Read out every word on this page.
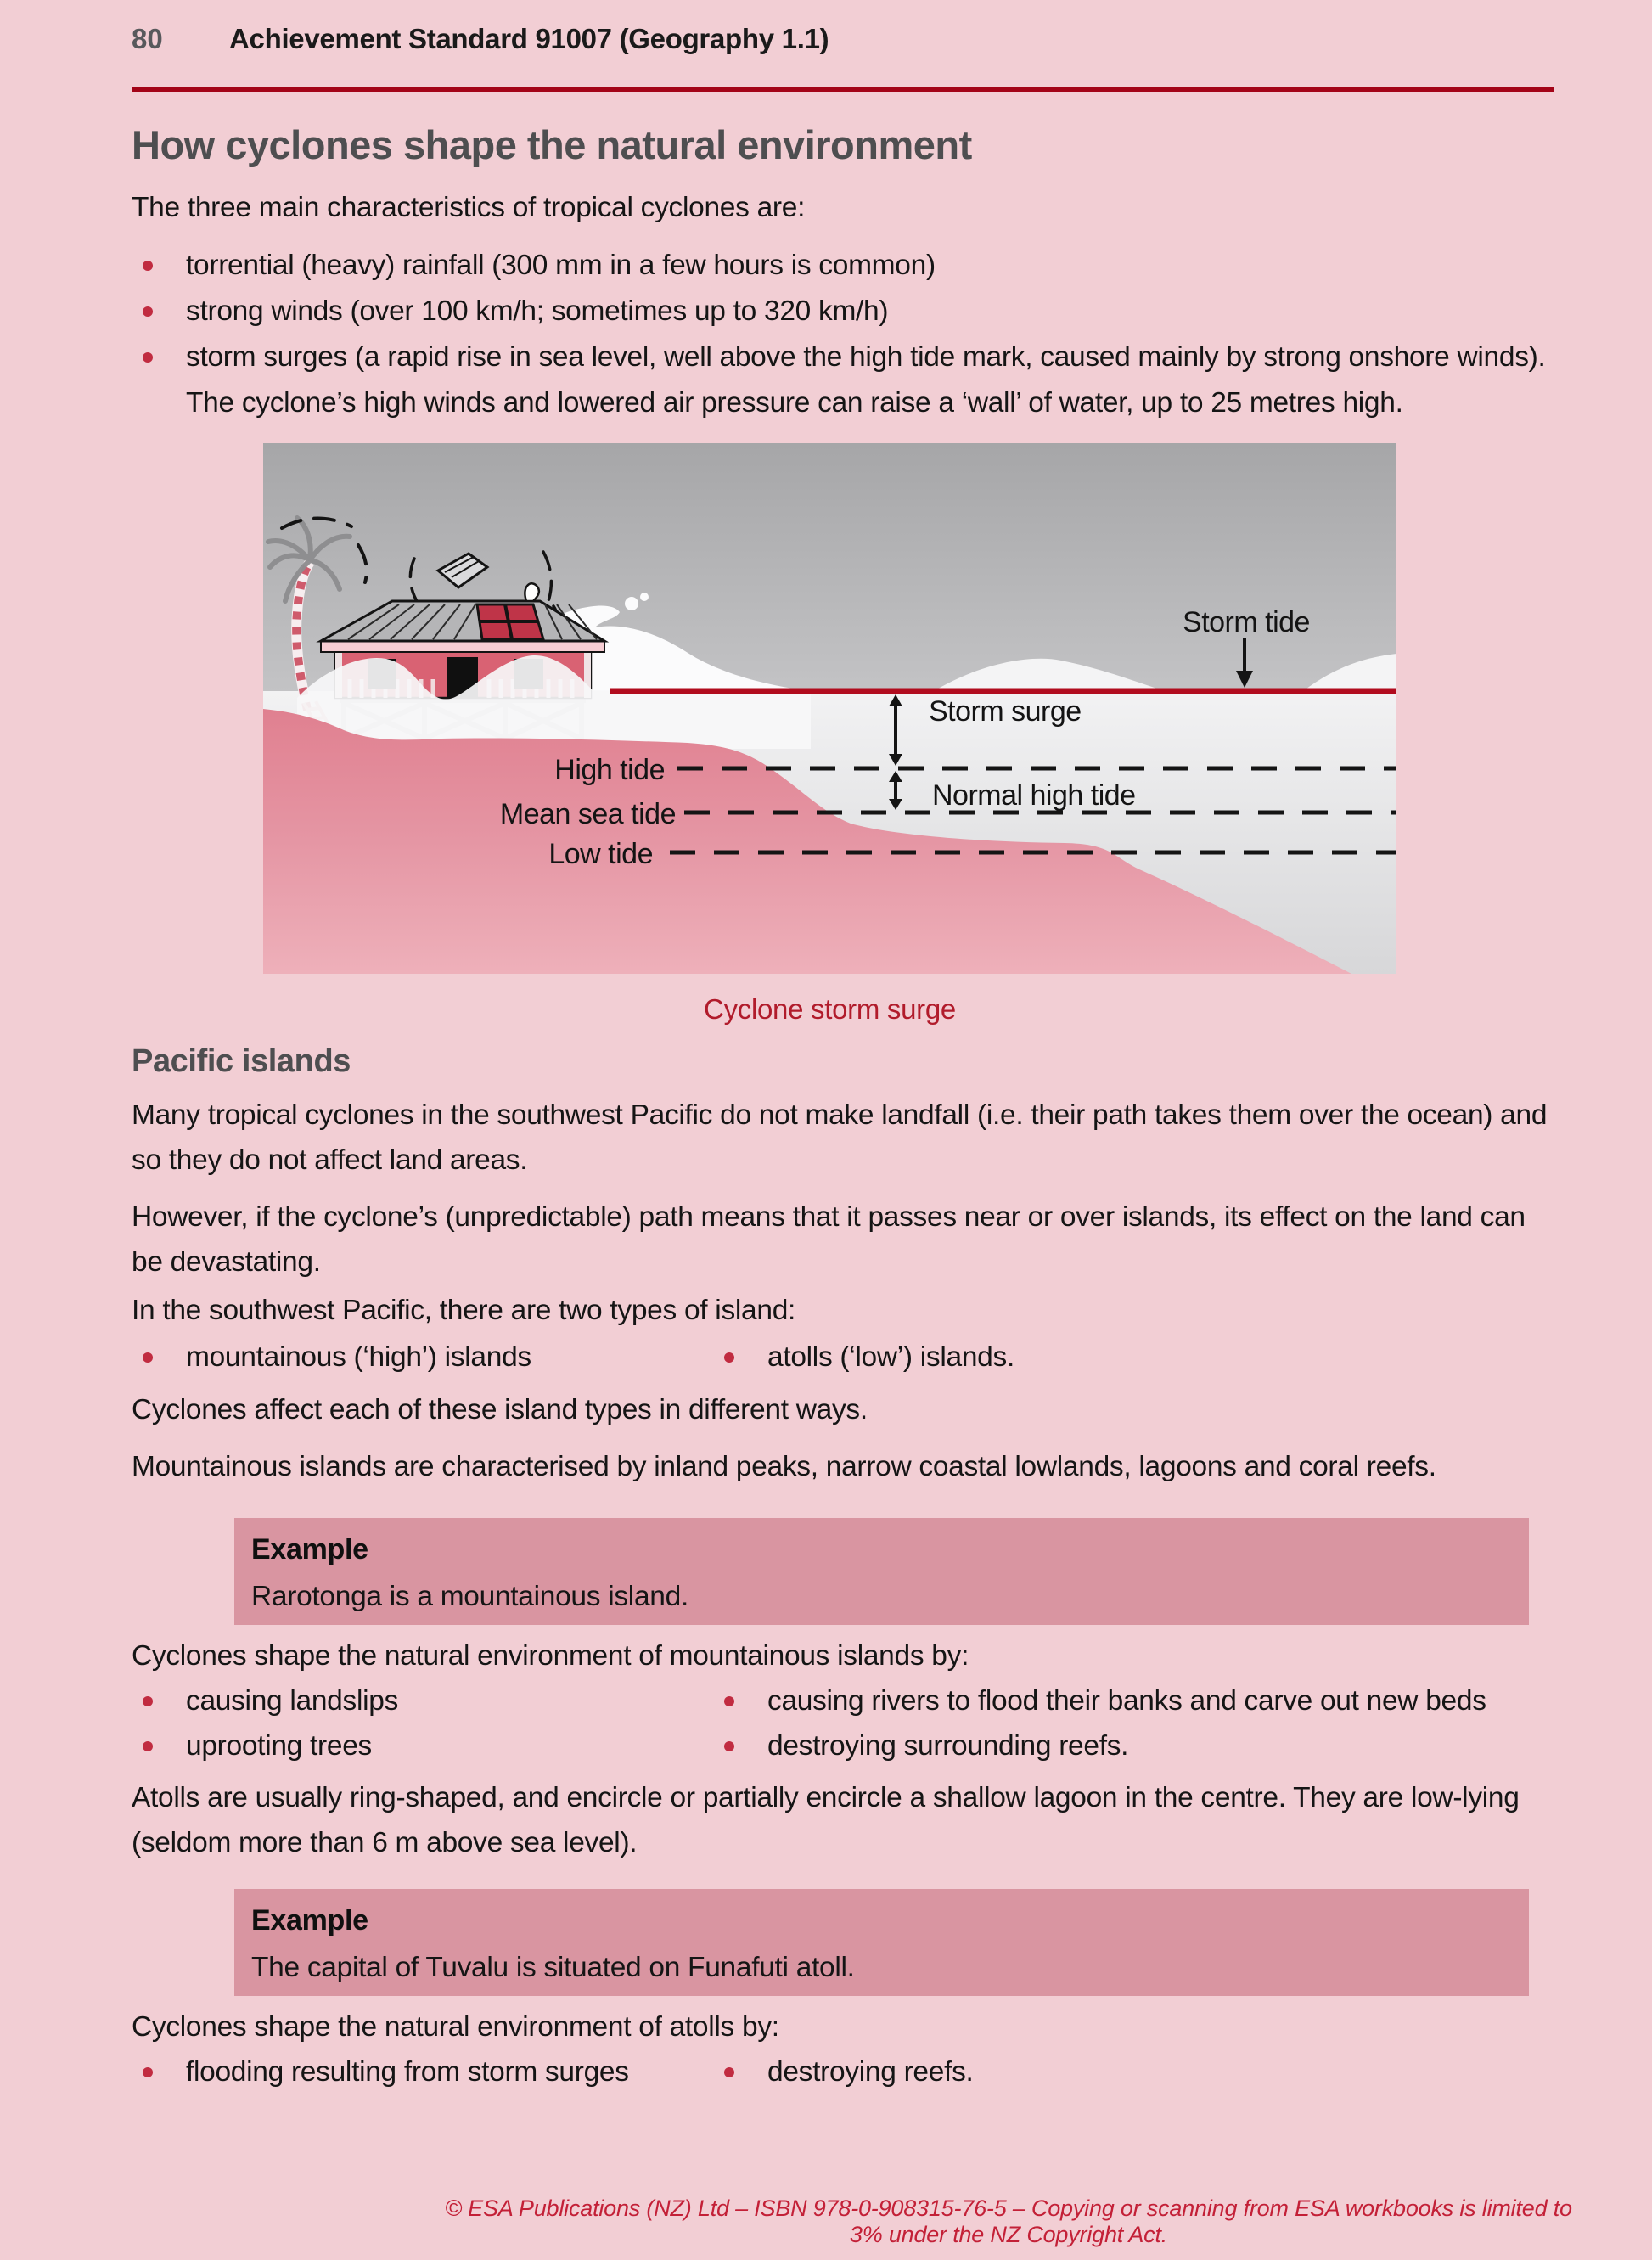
80	Achievement Standard 91007 (Geography 1.1)
How cyclones shape the natural environment

The three main characteristics of tropical cyclones are:

torrential (heavy) rainfall (300 mm in a few hours is common)
strong winds (over 100 km/h; sometimes up to 320 km/h)
storm surges (a rapid rise in sea level, well above the high tide mark, caused mainly by strong onshore winds). The cyclone’s high winds and lowered air pressure can raise a ‘wall’ of water, up to 25 metres high.
Storm tide
Storm surge
High tide
Normal high tide
Mean sea tide
Low tide
Cyclone storm surge
Pacific islands

Many tropical cyclones in the southwest Pacific do not make landfall (i.e. their path takes them over the ocean) and so they do not affect land areas.

However, if the cyclone’s (unpredictable) path means that it passes near or over islands, its effect on the land can be devastating.

In the southwest Pacific, there are two types of island:

mountainous (‘high’) islands	atolls (‘low’) islands.

Cyclones affect each of these island types in different ways.

Mountainous islands are characterised by inland peaks, narrow coastal lowlands, lagoons and coral reefs.

Example
Rarotonga is a mountainous island.

Cyclones shape the natural environment of mountainous islands by:

causing landslips	causing rivers to flood their banks and carve out new beds
uprooting trees	destroying surrounding reefs.

Atolls are usually ring-shaped, and encircle or partially encircle a shallow lagoon in the centre. They are low-lying (seldom more than 6 m above sea level).

Example
The capital of Tuvalu is situated on Funafuti atoll.

Cyclones shape the natural environment of atolls by:

flooding resulting from storm surges	destroying reefs.
© ESA Publications (NZ) Ltd – ISBN 978-0-908315-76-5 – Copying or scanning from ESA workbooks is limited to 3% under the NZ Copyright Act.
